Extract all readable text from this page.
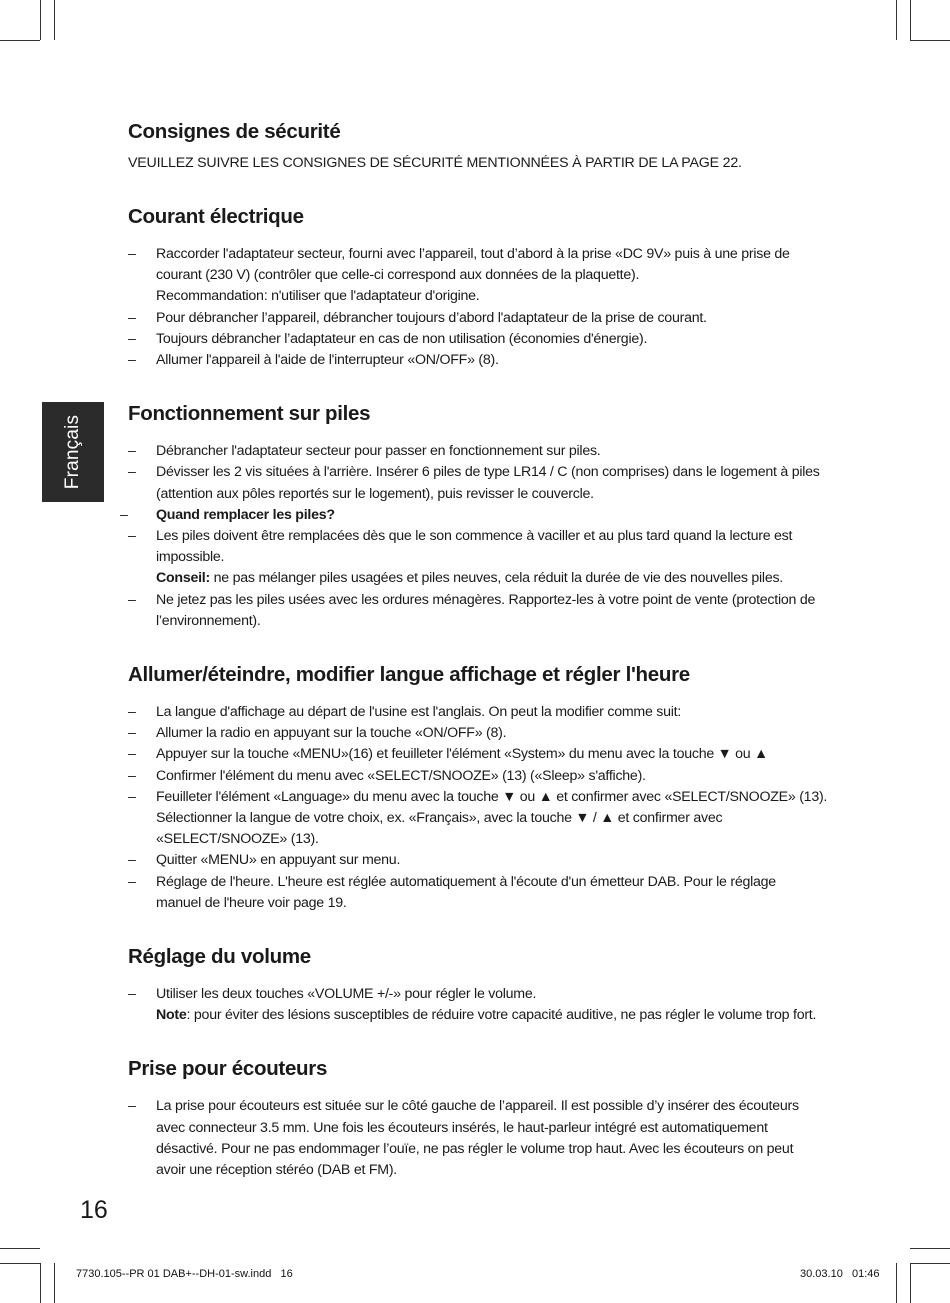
Français
Consignes de sécurité

VEUILLEZ SUIVRE LES CONSIGNES DE SÉCURITÉ MENTIONNÉES À PARTIR DE LA PAGE 22.

Courant électrique
– Raccorder l'adaptateur secteur, fourni avec l’appareil, tout d’abord à la prise «DC 9V» puis à une prise de
courant (230 V) (contrôler que celle-ci correspond aux données de la plaquette).
Recommandation: n'utiliser que l'adaptateur d'origine.
– Pour débrancher l’appareil, débrancher toujours d’abord l'adaptateur de la prise de courant.
– Toujours débrancher l’adaptateur en cas de non utilisation (économies d'énergie).
– Allumer l'appareil à l'aide de l'interrupteur «ON/OFF» (8).
Fonctionnement sur piles
– Débrancher l'adaptateur secteur pour passer en fonctionnement sur piles.
– Dévisser les 2 vis situées à l'arrière. Insérer 6 piles de type LR14 / C (non comprises) dans le logement à piles
(attention aux pôles reportés sur le logement), puis revisser le couvercle.
– Quand remplacer les piles?
– Les piles doivent être remplacées dès que le son commence à vaciller et au plus tard quand la lecture est
impossible.
Conseil: ne pas mélanger piles usagées et piles neuves, cela réduit la durée de vie des nouvelles piles.
– Ne jetez pas les piles usées avec les ordures ménagères. Rapportez-les à votre point de vente (protection de
l’environnement).
Allumer/éteindre, modifier langue affichage et régler l'heure
– La langue d'affichage au départ de l'usine est l'anglais. On peut la modifier comme suit:
– Allumer la radio en appuyant sur la touche «ON/OFF» (8).
– Appuyer sur la touche «MENU»(16) et feuilleter l'élément «System» du menu avec la touche ▼ ou ▲
– Confirmer l'élément du menu avec «SELECT/SNOOZE» (13) («Sleep» s'affiche).
– Feuilleter l'élément «Language» du menu avec la touche ▼ ou ▲ et confirmer avec «SELECT/SNOOZE» (13).
Sélectionner la langue de votre choix, ex. «Français», avec la touche ▼ / ▲ et confirmer avec
«SELECT/SNOOZE» (13).
– Quitter «MENU» en appuyant sur menu.
– Réglage de l'heure. L'heure est réglée automatiquement à l'écoute d'un émetteur DAB. Pour le réglage
manuel de l'heure voir page 19.
Réglage du volume
– Utiliser les deux touches «VOLUME +/-» pour régler le volume.
Note: pour éviter des lésions susceptibles de réduire votre capacité auditive, ne pas régler le volume trop fort.
Prise pour écouteurs
– La prise pour écouteurs est située sur le côté gauche de l’appareil. Il est possible d’y insérer des écouteurs
avec connecteur 3.5 mm. Une fois les écouteurs insérés, le haut-parleur intégré est automatiquement
désactivé. Pour ne pas endommager l’ouïe, ne pas régler le volume trop haut. Avec les écouteurs on peut
avoir une réception stéréo (DAB et FM).
16
7730.105--PR 01 DAB+--DH-01-sw.indd   16	30.03.10   01:46
